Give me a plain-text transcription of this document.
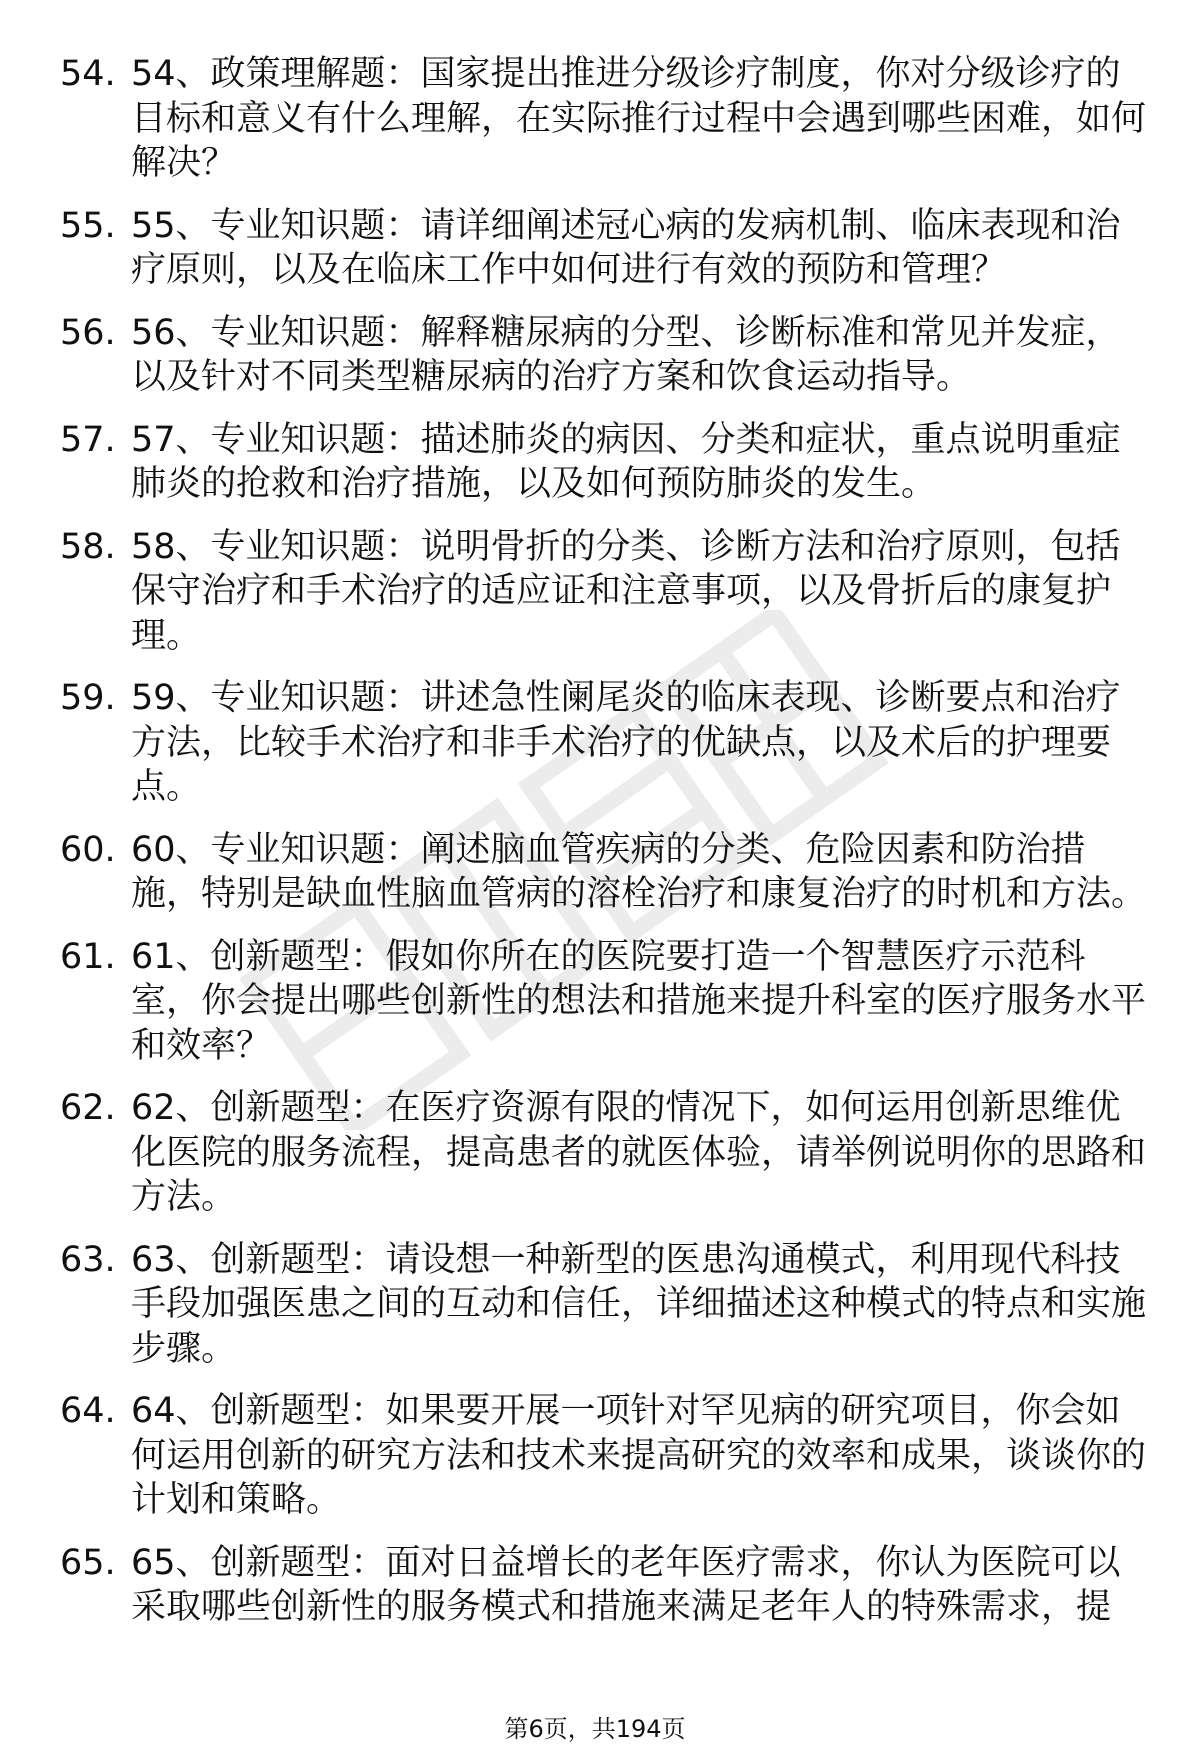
54. 54、政策理解题：国家提出推进分级诊疗制度，你对分级诊疗的目标和意义有什么理解，在实际推行过程中会遇到哪些困难，如何解决？
55. 55、专业知识题：请详细阐述冠心病的发病机制、临床表现和治疗原则，以及在临床工作中如何进行有效的预防和管理？
56. 56、专业知识题：解释糖尿病的分型、诊断标准和常见并发症，以及针对不同类型糖尿病的治疗方案和饮食运动指导。
57. 57、专业知识题：描述肺炎的病因、分类和症状，重点说明重症肺炎的抢救和治疗措施，以及如何预防肺炎的发生。
58. 58、专业知识题：说明骨折的分类、诊断方法和治疗原则，包括保守治疗和手术治疗的适应证和注意事项，以及骨折后的康复护理。
59. 59、专业知识题：讲述急性阑尾炎的临床表现、诊断要点和治疗方法，比较手术治疗和非手术治疗的优缺点，以及术后的护理要点。
60. 60、专业知识题：阐述脑血管疾病的分类、危险因素和防治措施，特别是缺血性脑血管病的溶栓治疗和康复治疗的时机和方法。
61. 61、创新题型：假如你所在的医院要打造一个智慧医疗示范科室，你会提出哪些创新性的想法和措施来提升科室的医疗服务水平和效率？
62. 62、创新题型：在医疗资源有限的情况下，如何运用创新思维优化医院的服务流程，提高患者的就医体验，请举例说明你的思路和方法。
63. 63、创新题型：请设想一种新型的医患沟通模式，利用现代科技手段加强医患之间的互动和信任，详细描述这种模式的特点和实施步骤。
64. 64、创新题型：如果要开展一项针对罕见病的研究项目，你会如何运用创新的研究方法和技术来提高研究的效率和成果，谈谈你的计划和策略。
65. 65、创新题型：面对日益增长的老年医疗需求，你认为医院可以采取哪些创新性的服务模式和措施来满足老年人的特殊需求，提
第6页，共194页
